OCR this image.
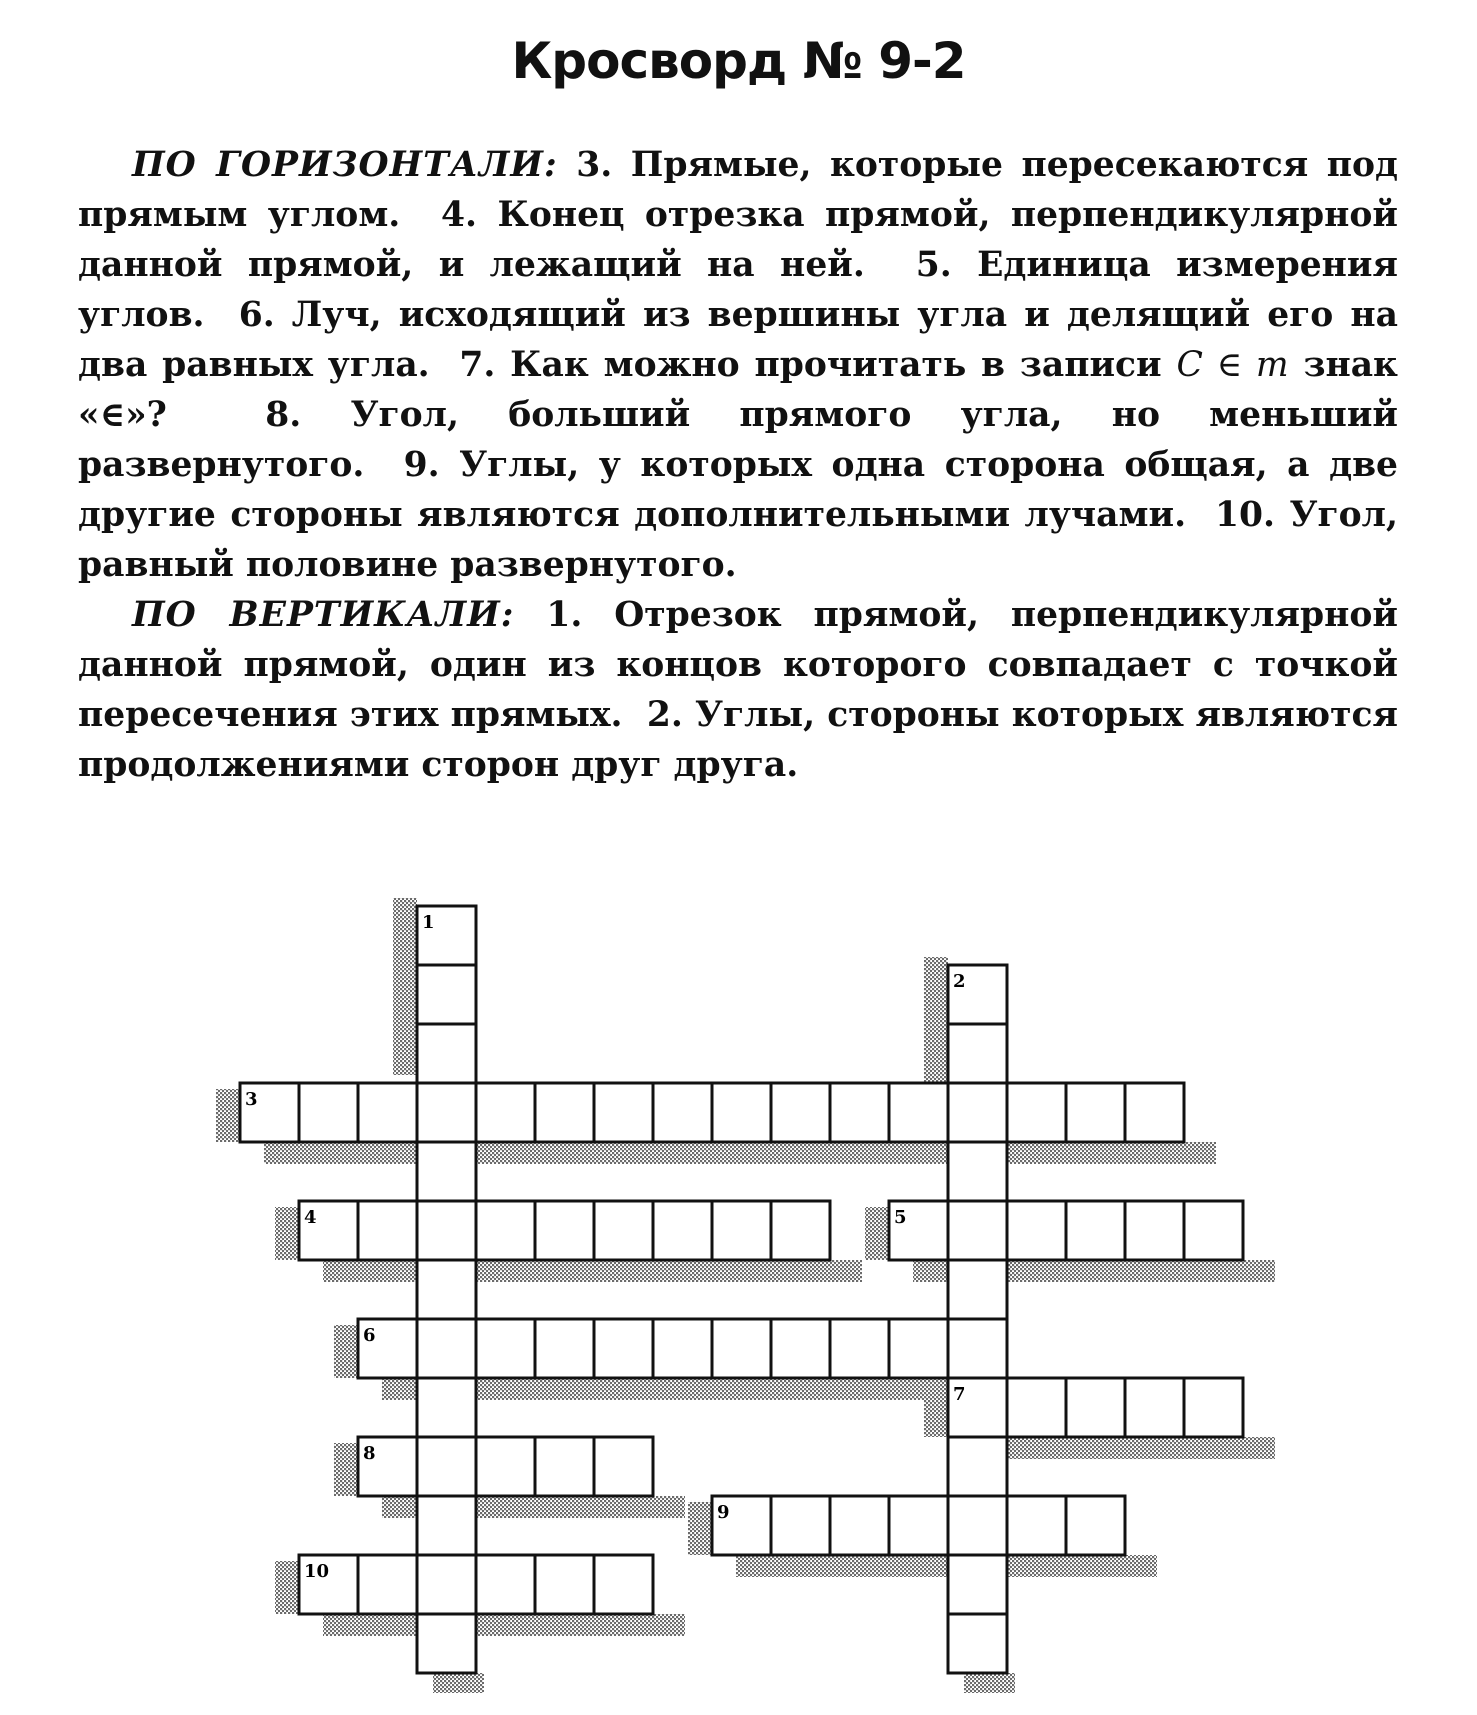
Кросворд № 9-2

ПО ГОРИЗОНТАЛИ: 3. Прямые, которые пересекаются под прямым углом. 4. Конец отрезка прямой, перпендикулярной данной прямой, и лежащий на ней. 5. Единица измерения углов. 6. Луч, исходящий из вершины угла и делящий его на два равных угла. 7. Как можно прочитать в записи C ∈ m знак «∈»?	8. Угол, больший прямого угла, но меньший развернутого. 9. Углы, у которых одна сторона общая, а две другие стороны являются дополнительными лучами. 10. Угол, равный половине развернутого.

ПО ВЕРТИКАЛИ: 1. Отрезок прямой, перпендикулярной данной прямой, один из концов которого совпадает с точкой пересечения этих прямых. 2. Углы, стороны которых являются продолжениями сторон друг друга.

1
2
3
4	5
6
7
8
9
10
